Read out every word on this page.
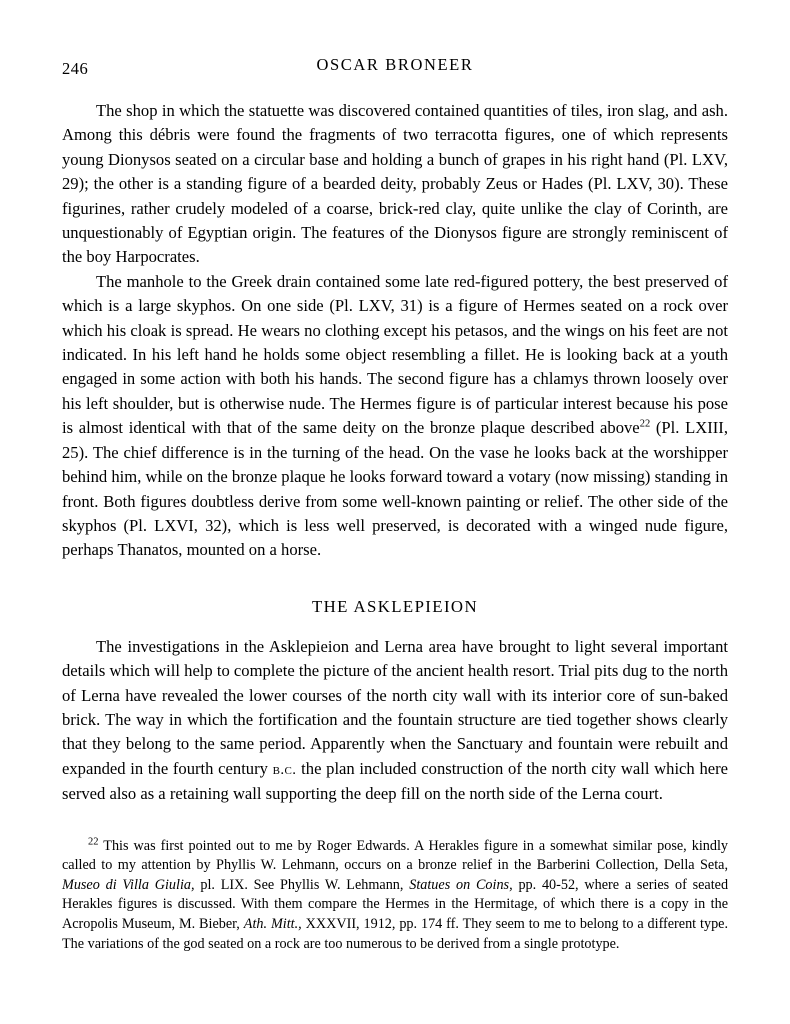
246	OSCAR BRONEER

The shop in which the statuette was discovered contained quantities of tiles, iron slag, and ash. Among this débris were found the fragments of two terracotta figures, one of which represents young Dionysos seated on a circular base and holding a bunch of grapes in his right hand (Pl. LXV, 29); the other is a standing figure of a bearded deity, probably Zeus or Hades (Pl. LXV, 30). These figurines, rather crudely modeled of a coarse, brick-red clay, quite unlike the clay of Corinth, are unquestionably of Egyptian origin. The features of the Dionysos figure are strongly reminiscent of the boy Harpocrates.

The manhole to the Greek drain contained some late red-figured pottery, the best preserved of which is a large skyphos. On one side (Pl. LXV, 31) is a figure of Hermes seated on a rock over which his cloak is spread. He wears no clothing except his petasos, and the wings on his feet are not indicated. In his left hand he holds some object resembling a fillet. He is looking back at a youth engaged in some action with both his hands. The second figure has a chlamys thrown loosely over his left shoulder, but is otherwise nude. The Hermes figure is of particular interest because his pose is almost identical with that of the same deity on the bronze plaque described above$^{22}$ (Pl. LXIII, 25). The chief difference is in the turning of the head. On the vase he looks back at the worshipper behind him, while on the bronze plaque he looks forward toward a votary (now missing) standing in front. Both figures doubtless derive from some well-known painting or relief. The other side of the skyphos (Pl. LXVI, 32), which is less well preserved, is decorated with a winged nude figure, perhaps Thanatos, mounted on a horse.

THE ASKLEPIEION

The investigations in the Asklepieion and Lerna area have brought to light several important details which will help to complete the picture of the ancient health resort. Trial pits dug to the north of Lerna have revealed the lower courses of the north city wall with its interior core of sun-baked brick. The way in which the fortification and the fountain structure are tied together shows clearly that they belong to the same period. Apparently when the Sanctuary and fountain were rebuilt and expanded in the fourth century b.c. the plan included construction of the north city wall which here served also as a retaining wall supporting the deep fill on the north side of the Lerna court.

$^{22}$ This was first pointed out to me by Roger Edwards. A Herakles figure in a somewhat similar pose, kindly called to my attention by Phyllis W. Lehmann, occurs on a bronze relief in the Barberini Collection, Della Seta, Museo di Villa Giulia, pl. LIX. See Phyllis W. Lehmann, Statues on Coins, pp. 40-52, where a series of seated Herakles figures is discussed. With them compare the Hermes in the Hermitage, of which there is a copy in the Acropolis Museum, M. Bieber, Ath. Mitt., XXXVII, 1912, pp. 174 ff. They seem to me to belong to a different type. The variations of the god seated on a rock are too numerous to be derived from a single prototype.
